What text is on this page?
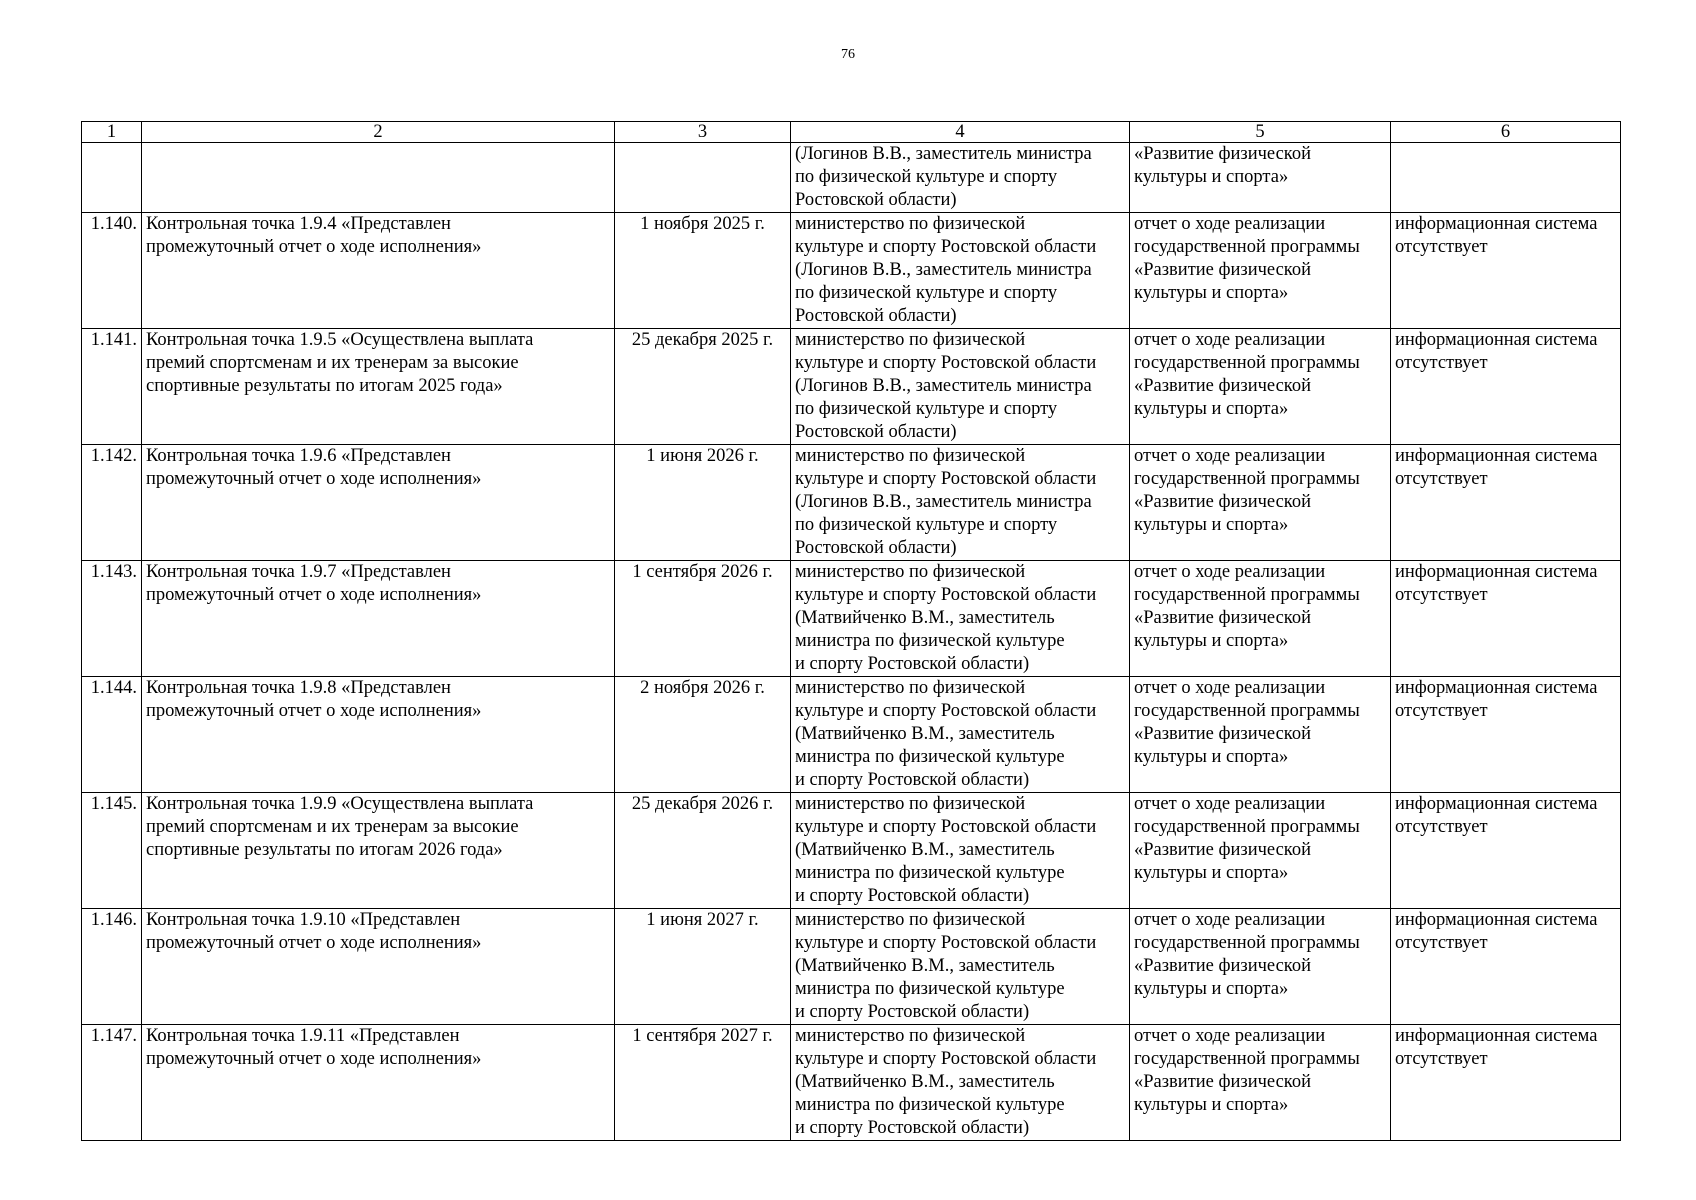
76
1	2	3	4	5	6
			(Логинов В.В., заместитель министра
по физической культуре и спорту
Ростовской области)	«Развитие физической
культуры и спорта»	
1.140.	Контрольная точка 1.9.4 «Представлен
промежуточный отчет о ходе исполнения»	1 ноября 2025 г.	министерство по физической
культуре и спорту Ростовской области
(Логинов В.В., заместитель министра
по физической культуре и спорту
Ростовской области)	отчет о ходе реализации
государственной программы
«Развитие физической
культуры и спорта»	информационная система
отсутствует
1.141.	Контрольная точка 1.9.5 «Осуществлена выплата
премий спортсменам и их тренерам за высокие
спортивные результаты по итогам 2025 года»	25 декабря 2025 г.	министерство по физической
культуре и спорту Ростовской области
(Логинов В.В., заместитель министра
по физической культуре и спорту
Ростовской области)	отчет о ходе реализации
государственной программы
«Развитие физической
культуры и спорта»	информационная система
отсутствует
1.142.	Контрольная точка 1.9.6 «Представлен
промежуточный отчет о ходе исполнения»	1 июня 2026 г.	министерство по физической
культуре и спорту Ростовской области
(Логинов В.В., заместитель министра
по физической культуре и спорту
Ростовской области)	отчет о ходе реализации
государственной программы
«Развитие физической
культуры и спорта»	информационная система
отсутствует
1.143.	Контрольная точка 1.9.7 «Представлен
промежуточный отчет о ходе исполнения»	1 сентября 2026 г.	министерство по физической
культуре и спорту Ростовской области
(Матвийченко В.М., заместитель
министра по физической культуре
и спорту Ростовской области)	отчет о ходе реализации
государственной программы
«Развитие физической
культуры и спорта»	информационная система
отсутствует
1.144.	Контрольная точка 1.9.8 «Представлен
промежуточный отчет о ходе исполнения»	2 ноября 2026 г.	министерство по физической
культуре и спорту Ростовской области
(Матвийченко В.М., заместитель
министра по физической культуре
и спорту Ростовской области)	отчет о ходе реализации
государственной программы
«Развитие физической
культуры и спорта»	информационная система
отсутствует
1.145.	Контрольная точка 1.9.9 «Осуществлена выплата
премий спортсменам и их тренерам за высокие
спортивные результаты по итогам 2026 года»	25 декабря 2026 г.	министерство по физической
культуре и спорту Ростовской области
(Матвийченко В.М., заместитель
министра по физической культуре
и спорту Ростовской области)	отчет о ходе реализации
государственной программы
«Развитие физической
культуры и спорта»	информационная система
отсутствует
1.146.	Контрольная точка 1.9.10 «Представлен
промежуточный отчет о ходе исполнения»	1 июня 2027 г.	министерство по физической
культуре и спорту Ростовской области
(Матвийченко В.М., заместитель
министра по физической культуре
и спорту Ростовской области)	отчет о ходе реализации
государственной программы
«Развитие физической
культуры и спорта»	информационная система
отсутствует
1.147.	Контрольная точка 1.9.11 «Представлен
промежуточный отчет о ходе исполнения»	1 сентября 2027 г.	министерство по физической
культуре и спорту Ростовской области
(Матвийченко В.М., заместитель
министра по физической культуре
и спорту Ростовской области)	отчет о ходе реализации
государственной программы
«Развитие физической
культуры и спорта»	информационная система
отсутствует
